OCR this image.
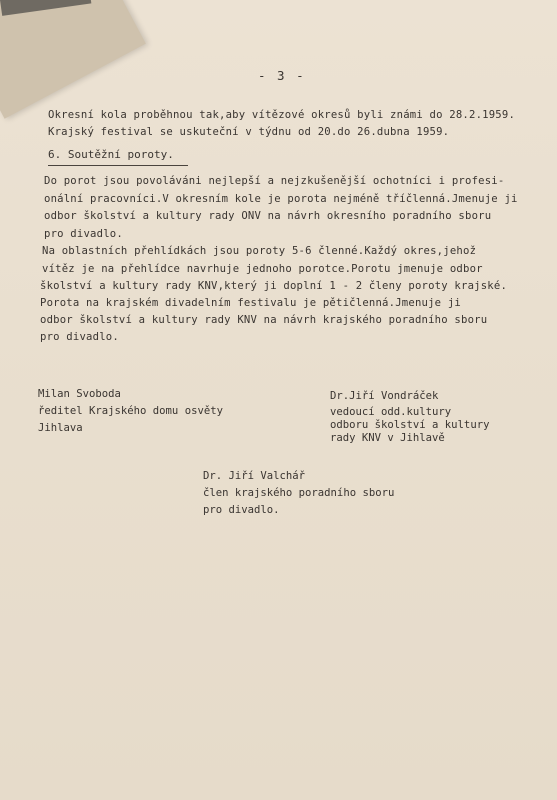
- 3 -
Okresní kola proběhnou tak,aby vítězové okresů byli známi do 28.2.1959.
Krajský festival se uskuteční v týdnu od 20.do 26.dubna 1959.
6. Soutěžní poroty.
Do porot jsou povoláváni nejlepší a nejzkušenější ochotníci i profesi-
onální pracovníci.V okresním kole je porota nejméně tříčlenná.Jmenuje ji
odbor školství a kultury rady ONV na návrh okresního poradního sboru
pro divadlo.
Na oblastních přehlídkách jsou poroty 5-6 členné.Každý okres,jehož
vítěz je na přehlídce navrhuje jednoho porotce.Porotu jmenuje odbor
školství a kultury rady KNV,který ji doplní 1 - 2 členy poroty krajské.
Porota na krajském divadelním festivalu je pětičlenná.Jmenuje ji
odbor školství a kultury rady KNV na návrh krajského poradního sboru
pro divadlo.
Milan Svoboda
ředitel Krajského domu osvěty
Jihlava
Dr.Jiří Vondráček
vedoucí odd.kultury
odboru školství a kultury
rady KNV v Jihlavě
Dr. Jiří Valchář
člen krajského poradního sboru
pro divadlo.
